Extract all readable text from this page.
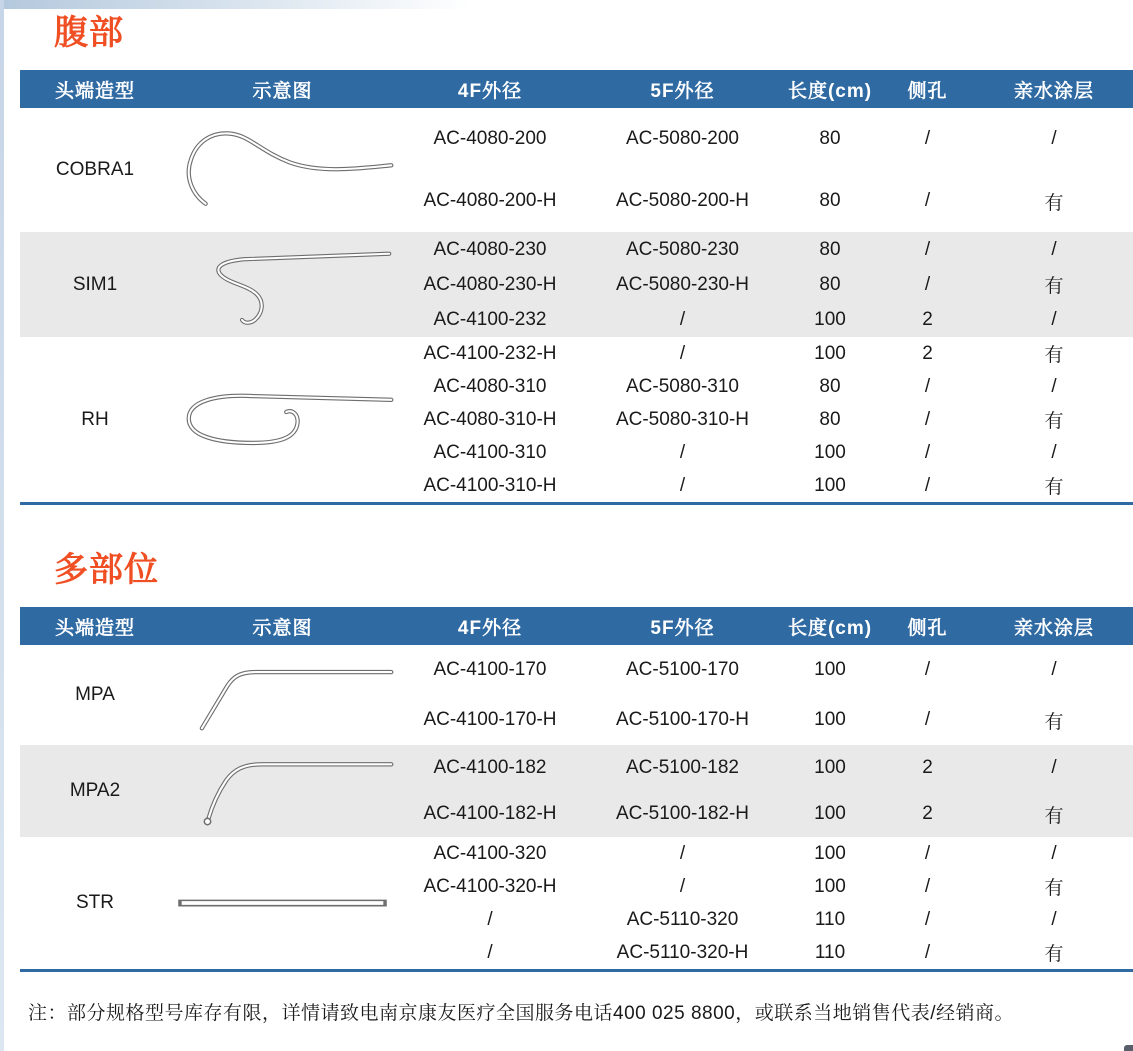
腹部
头端造型	示意图	4F外径	5F外径	长度(cm)	侧孔	亲水涂层
COBRA1		AC-4080-200	AC-5080-200	80	/	/
		AC-4080-200-H	AC-5080-200-H	80	/	有
SIM1		AC-4080-230	AC-5080-230	80	/	/
		AC-4080-230-H	AC-5080-230-H	80	/	有
		AC-4100-232	/	100	2	/
RH		AC-4100-232-H	/	100	2	有
		AC-4080-310	AC-5080-310	80	/	/
		AC-4080-310-H	AC-5080-310-H	80	/	有
		AC-4100-310	/	100	/	/
		AC-4100-310-H	/	100	/	有
多部位
头端造型	示意图	4F外径	5F外径	长度(cm)	侧孔	亲水涂层
MPA		AC-4100-170	AC-5100-170	100	/	/
		AC-4100-170-H	AC-5100-170-H	100	/	有
MPA2		AC-4100-182	AC-5100-182	100	2	/
		AC-4100-182-H	AC-5100-182-H	100	2	有
STR		AC-4100-320	/	100	/	/
		AC-4100-320-H	/	100	/	有
		/	AC-5110-320	110	/	/
		/	AC-5110-320-H	110	/	有

注：部分规格型号库存有限，详情请致电南京康友医疗全国服务电话400 025 8800，或联系当地销售代表/经销商。
